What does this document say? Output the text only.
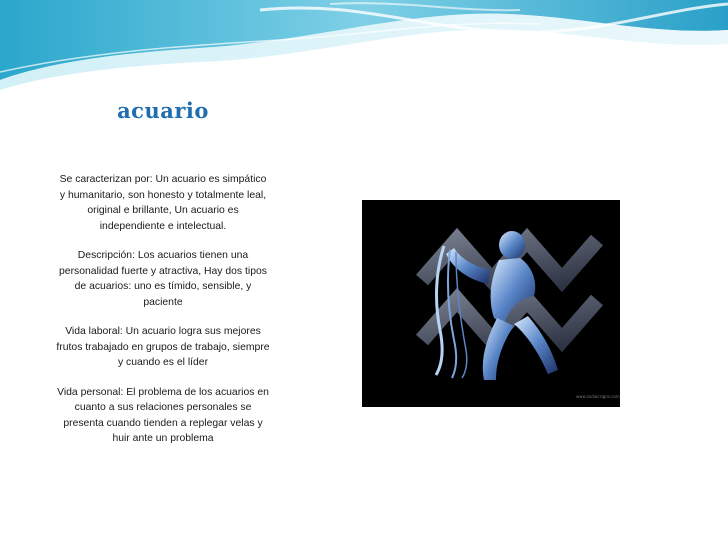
acuario

Se caracterizan por: Un acuario es simpático y humanitario, son honesto y totalmente leal, original e brillante, Un acuario es independiente e intelectual.

Descripción: Los acuarios tienen una personalidad fuerte y atractiva, Hay dos tipos de acuarios: uno es tímido, sensible, y paciente

Vida laboral: Un acuario logra sus mejores frutos trabajado en grupos de trabajo, siempre y cuando es el líder

Vida personal: El problema de los acuarios en cuanto a sus relaciones personales se presenta cuando tienden a replegar velas y huir ante un problema

www.zodiacsigns.com
